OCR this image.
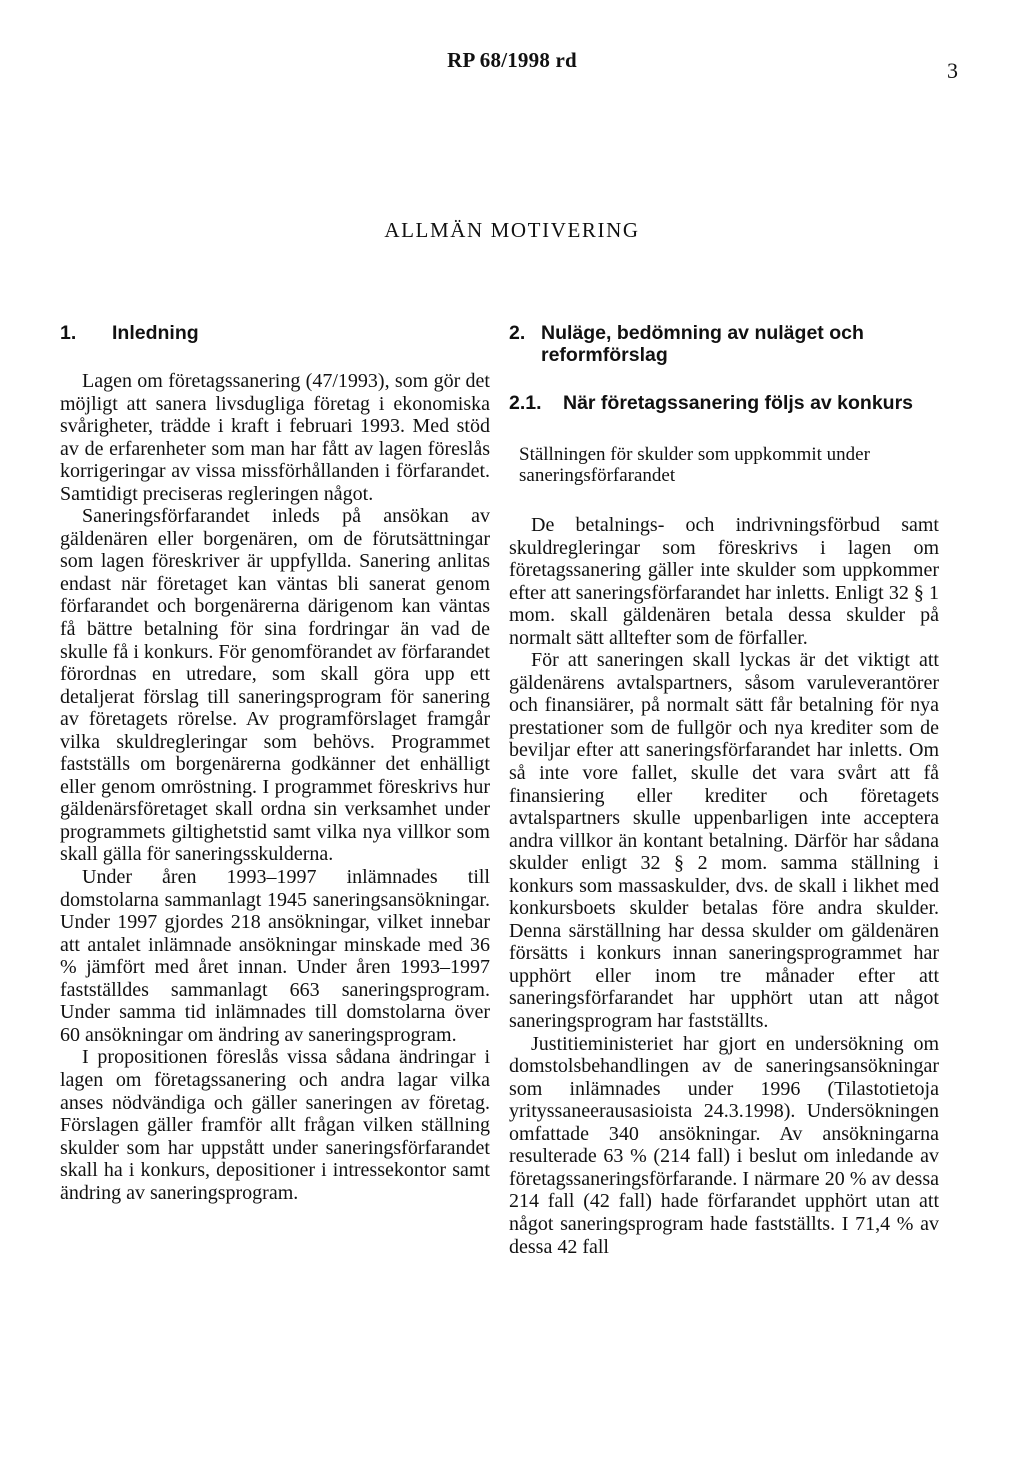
RP 68/1998 rd	3
ALLMÄN MOTIVERING
1.	Inledning

Lagen om företagssanering (47/1993), som gör det möjligt att sanera livsdugliga företag i ekonomiska svårigheter, trädde i kraft i februari 1993. Med stöd av de erfarenheter som man har fått av lagen föreslås korrigeringar av vissa missförhållanden i förfarandet. Samtidigt preciseras regleringen något.

Saneringsförfarandet inleds på ansökan av gäldenären eller borgenären, om de förutsättningar som lagen föreskriver är uppfyllda. Sanering anlitas endast när företaget kan väntas bli sanerat genom förfarandet och borgenärerna därigenom kan väntas få bättre betalning för sina fordringar än vad de skulle få i konkurs. För genomförandet av förfarandet förordnas en utredare, som skall göra upp ett detaljerat förslag till saneringsprogram för sanering av företagets rörelse. Av programförslaget framgår vilka skuldregleringar som behövs. Programmet fastställs om borgenärerna godkänner det enhälligt eller genom omröstning. I programmet föreskrivs hur gäldenärsföretaget skall ordna sin verksamhet under programmets giltighetstid samt vilka nya villkor som skall gälla för saneringsskulderna.

Under åren 1993–1997 inlämnades till domstolarna sammanlagt 1945 saneringsansökningar. Under 1997 gjordes 218 ansökningar, vilket innebar att antalet inlämnade ansökningar minskade med 36 % jämfört med året innan. Under åren 1993–1997 fastställdes sammanlagt 663 saneringsprogram. Under samma tid inlämnades till domstolarna över 60 ansökningar om ändring av saneringsprogram.

I propositionen föreslås vissa sådana ändringar i lagen om företagssanering och andra lagar vilka anses nödvändiga och gäller saneringen av företag. Förslagen gäller framför allt frågan vilken ställning skulder som har uppstått under saneringsförfarandet skall ha i konkurs, depositioner i intressekontor samt ändring av saneringsprogram.

2. Nuläge, bedömning av nuläget och reformförslag
2.1.	När företagssanering följs av konkurs
Ställningen för skulder som uppkommit under saneringsförfarandet

De betalnings- och indrivningsförbud samt skuldregleringar som föreskrivs i lagen om företagssanering gäller inte skulder som uppkommer efter att saneringsförfarandet har inletts. Enligt 32 § 1 mom. skall gäldenären betala dessa skulder på normalt sätt alltefter som de förfaller.

För att saneringen skall lyckas är det viktigt att gäldenärens avtalspartners, såsom varuleverantörer och finansiärer, på normalt sätt får betalning för nya prestationer som de fullgör och nya krediter som de beviljar efter att saneringsförfarandet har inletts. Om så inte vore fallet, skulle det vara svårt att få finansiering eller krediter och företagets avtalspartners skulle uppenbarligen inte acceptera andra villkor än kontant betalning. Därför har sådana skulder enligt 32 § 2 mom. samma ställning i konkurs som massaskulder, dvs. de skall i likhet med konkursboets skulder betalas före andra skulder. Denna särställning har dessa skulder om gäldenären försätts i konkurs innan saneringsprogrammet har upphört eller inom tre månader efter att saneringsförfarandet har upphört utan att något saneringsprogram har fastställts.

Justitieministeriet har gjort en undersökning om domstolsbehandlingen av de saneringsansökningar som inlämnades under 1996 (Tilastotietoja yrityssaneerausasioista 24.3.1998). Undersökningen omfattade 340 ansökningar. Av ansökningarna resulterade 63 % (214 fall) i beslut om inledande av företagssaneringsförfarande. I närmare 20 % av dessa 214 fall (42 fall) hade förfarandet upphört utan att något saneringsprogram hade fastställts. I 71,4 % av dessa 42 fall
